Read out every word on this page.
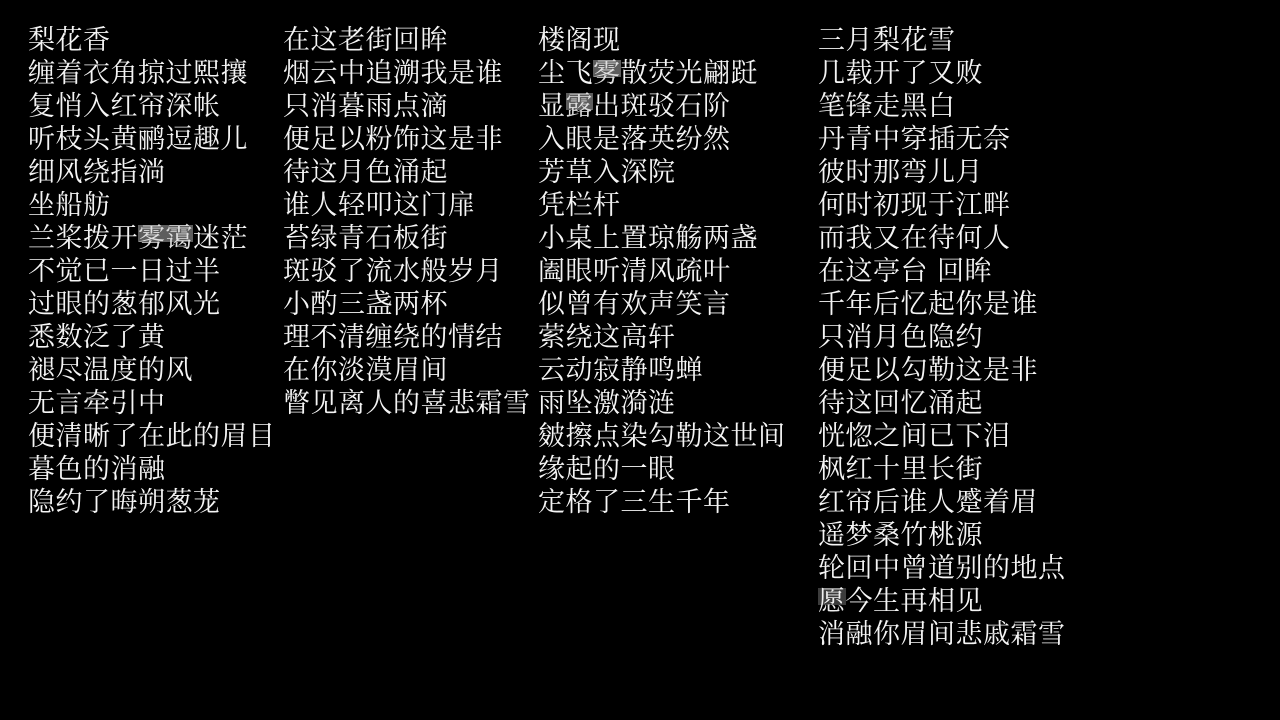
梨花香
缠着衣角掠过熙攘
复悄入红帘深帐
听枝头黄鹂逗趣儿
细风绕指淌
坐船舫
兰桨拨开雾霭迷茫
不觉已一日过半
过眼的葱郁风光
悉数泛了黄
褪尽温度的风
无言牵引中
便清晰了在此的眉目
暮色的消融
隐约了晦朔葱茏
在这老街回眸
烟云中追溯我是谁
只消暮雨点滴
便足以粉饰这是非
待这月色涌起
谁人轻叩这门扉
苔绿青石板街
斑驳了流水般岁月
小酌三盏两杯
理不清缠绕的情结
在你淡漠眉间
瞥见离人的喜悲霜雪
楼阁现
尘飞雾散荧光翩跹
显露出斑驳石阶
入眼是落英纷然
芳草入深院
凭栏杆
小桌上置琼觞两盏
阖眼听清风疏叶
似曾有欢声笑言
萦绕这高轩
云动寂静鸣蝉
雨坠激漪涟
皴擦点染勾勒这世间
缘起的一眼
定格了三生千年
三月梨花雪
几载开了又败
笔锋走黑白
丹青中穿插无奈
彼时那弯儿月
何时初现于江畔
而我又在待何人
在这亭台 回眸
千年后忆起你是谁
只消月色隐约
便足以勾勒这是非
待这回忆涌起
恍惚之间已下泪
枫红十里长街
红帘后谁人蹙着眉
遥梦桑竹桃源
轮回中曾道别的地点
愿今生再相见
消融你眉间悲戚霜雪
